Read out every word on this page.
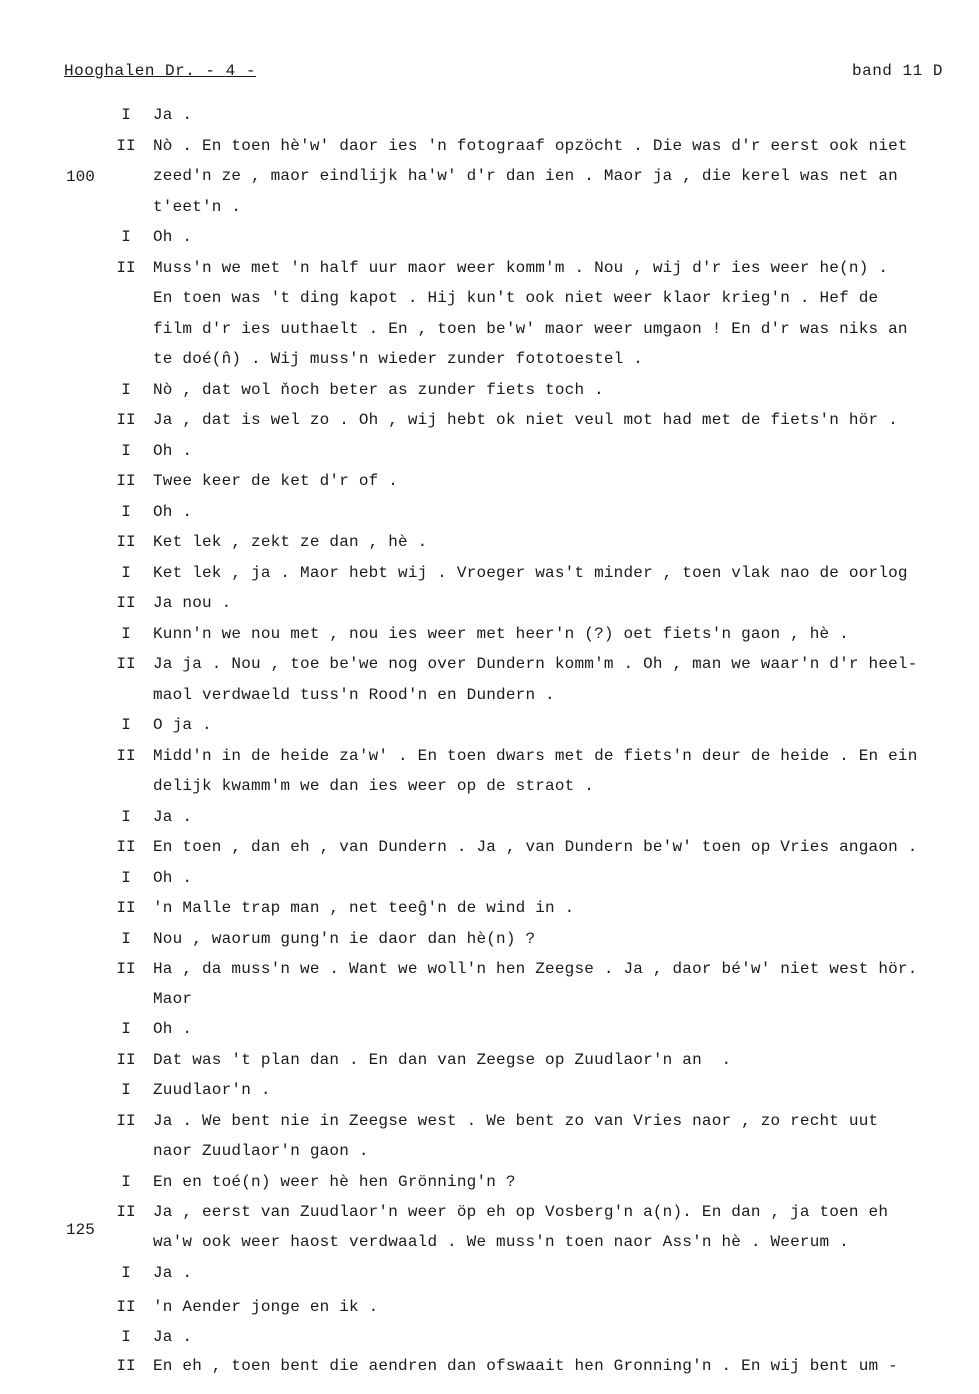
Hooghalen Dr. - 4 -	band 11 D
100
125
I	Ja .
II	Nò . En toen hè'w' daor ies 'n fotograaf opzöcht . Die was d'r eerst ook niet
zeed'n ze , maor eindlijk ha'w' d'r dan ien . Maor ja , die kerel was net an
t'eet'n .
I	Oh .
II	Muss'n we met 'n half uur maor weer komm'm . Nou , wij d'r ies weer he(n) .
En toen was 't ding kapot . Hij kun't ook niet weer klaor krieg'n . Hef de
film d'r ies uuthaelt . En , toen be'w' maor weer umgaon ! En d'r was niks an
te doé(n̂) . Wij muss'n wieder zunder fototoestel .
I	Nò , dat wol ňoch beter as zunder fiets toch .
II	Ja , dat is wel zo . Oh , wij hebt ok niet veul mot had met de fiets'n hör .
I	Oh .
II	Twee keer de ket d'r of .
I	Oh .
II	Ket lek , zekt ze dan , hè .
I	Ket lek , ja . Maor hebt wij . Vroeger was't minder , toen vlak nao de oorlog
II	Ja nou .
I	Kunn'n we nou met , nou ies weer met heer'n (?) oet fiets'n gaon , hè .
II	Ja ja . Nou , toe be'we nog over Dundern komm'm . Oh , man we waar'n d'r heel-
maol verdwaeld tuss'n Rood'n en Dundern .
I	O ja .
II	Midd'n in de heide za'w' . En toen dwars met de fiets'n deur de heide . En ein
delijk kwamm'm we dan ies weer op de straot .
I	Ja .
II	En toen , dan eh , van Dundern . Ja , van Dundern be'w' toen op Vries angaon .
I	Oh .
II	'n Malle trap man , net teeĝ'n de wind in .
I	Nou , waorum gung'n ie daor dan hè(n) ?
II	Ha , da muss'n we . Want we woll'n hen Zeegse . Ja , daor bé'w' niet west hör.
Maor
I	Oh .
II	Dat was 't plan dan . En dan van Zeegse op Zuudlaor'n an  .
I	Zuudlaor'n .
II	Ja . We bent nie in Zeegse west . We bent zo van Vries naor , zo recht uut
naor Zuudlaor'n gaon .
I	En en toé(n) weer hè hen Grönning'n ?
II	Ja , eerst van Zuudlaor'n weer öp eh op Vosberg'n a(n). En dan , ja toen eh
wa'w ook weer haost verdwaald . We muss'n toen naor Ass'n hè . Weerum .
I	Ja .
II	'n Aender jonge en ik .
I	Ja .
II	En eh , toen bent die aendren dan ofswaait hen Gronning'n . En wij bent um -
